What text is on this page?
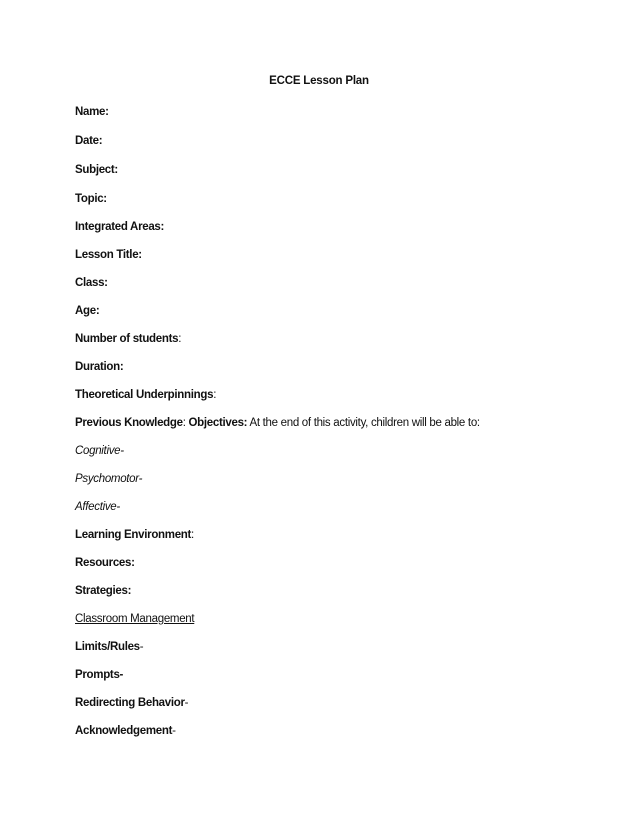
ECCE Lesson Plan
Name:
Date:
Subject:
Topic:
Integrated Areas:
Lesson Title:
Class:
Age:
Number of students:
Duration:
Theoretical Underpinnings:
Previous Knowledge: Objectives: At the end of this activity, children will be able to:
Cognitive-
Psychomotor-
Affective-
Learning Environment:
Resources:
Strategies:
Classroom Management
Limits/Rules-
Prompts-
Redirecting Behavior-
Acknowledgement-
